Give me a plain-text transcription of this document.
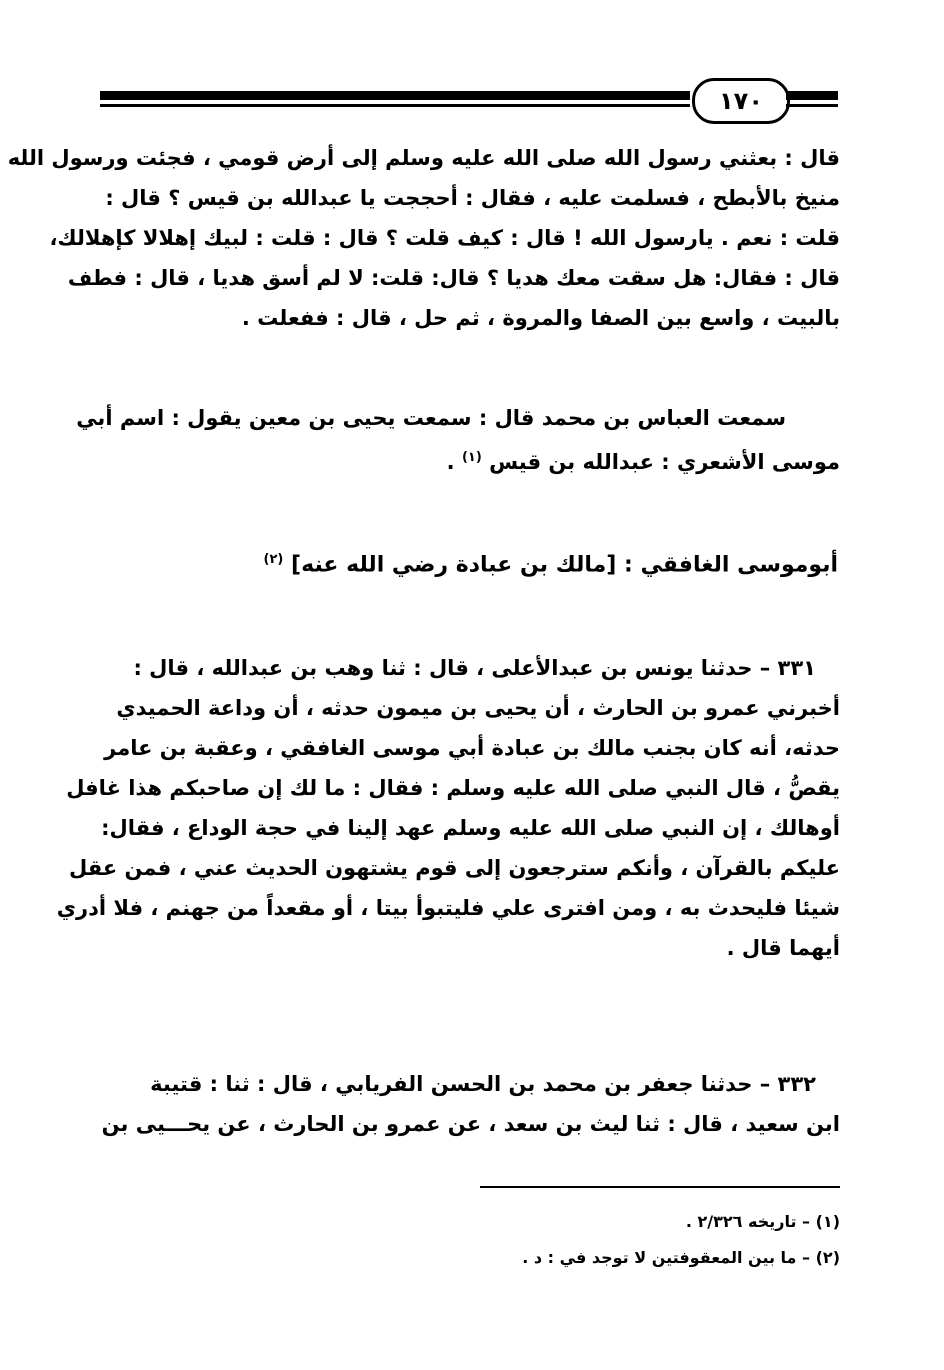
١٧٠
قال : بعثني رسول الله صلى الله عليه وسلم إلى أرض قومي ، فجئت ورسول الله
منيخ بالأبطح ، فسلمت عليه ، فقال : أحججت يا عبدالله بن قيس ؟ قال :
قلت : نعم . يارسول الله ! قال : كيف قلت ؟ قال : قلت : لبيك إهلالا كإهلالك،
قال : فقال: هل سقت معك هديا ؟ قال: قلت: لا لم أسق هديا ، قال : فطف
بالبيت ، واسع بين الصفا والمروة ، ثم حل ، قال : ففعلت .
سمعت العباس بن محمد قال : سمعت يحيى بن معين يقول : اسم أبي
موسى الأشعري : عبدالله بن قيس $^{(١)}$ .
أبوموسى الغافقي : [مالك بن عبادة رضي الله عنه] $^{(٢)}$
٣٣١ – حدثنا يونس بن عبدالأعلى ، قال : ثنا وهب بن عبدالله ، قال :
أخبرني عمرو بن الحارث ، أن يحيى بن ميمون حدثه ، أن وداعة الحميدي
حدثه، أنه كان بجنب مالك بن عبادة أبي موسى الغافقي ، وعقبة بن عامر
يقصُّ ، قال النبي صلى الله عليه وسلم : فقال : ما لك إن صاحبكم هذا غافل
أوهالك ، إن النبي صلى الله عليه وسلم عهد إلينا في حجة الوداع ، فقال:
عليكم بالقرآن ، وأنكم سترجعون إلى قوم يشتهون الحديث عني ، فمن عقل
شيئا فليحدث به ، ومن افترى علي فليتبوأ بيتا ، أو مقعداً من جهنم ، فلا أدري
أيهما قال .
٣٣٢ – حدثنا جعفر بن محمد بن الحسن الفريابي ، قال : ثنا : قتيبة
ابن سعيد ، قال : ثنا ليث بن سعد ، عن عمرو بن الحارث ، عن يحـــيى بن
(١) – تاريخه ٢/٣٢٦ .
(٢) – ما بين المعقوفتين لا توجد في : د .
